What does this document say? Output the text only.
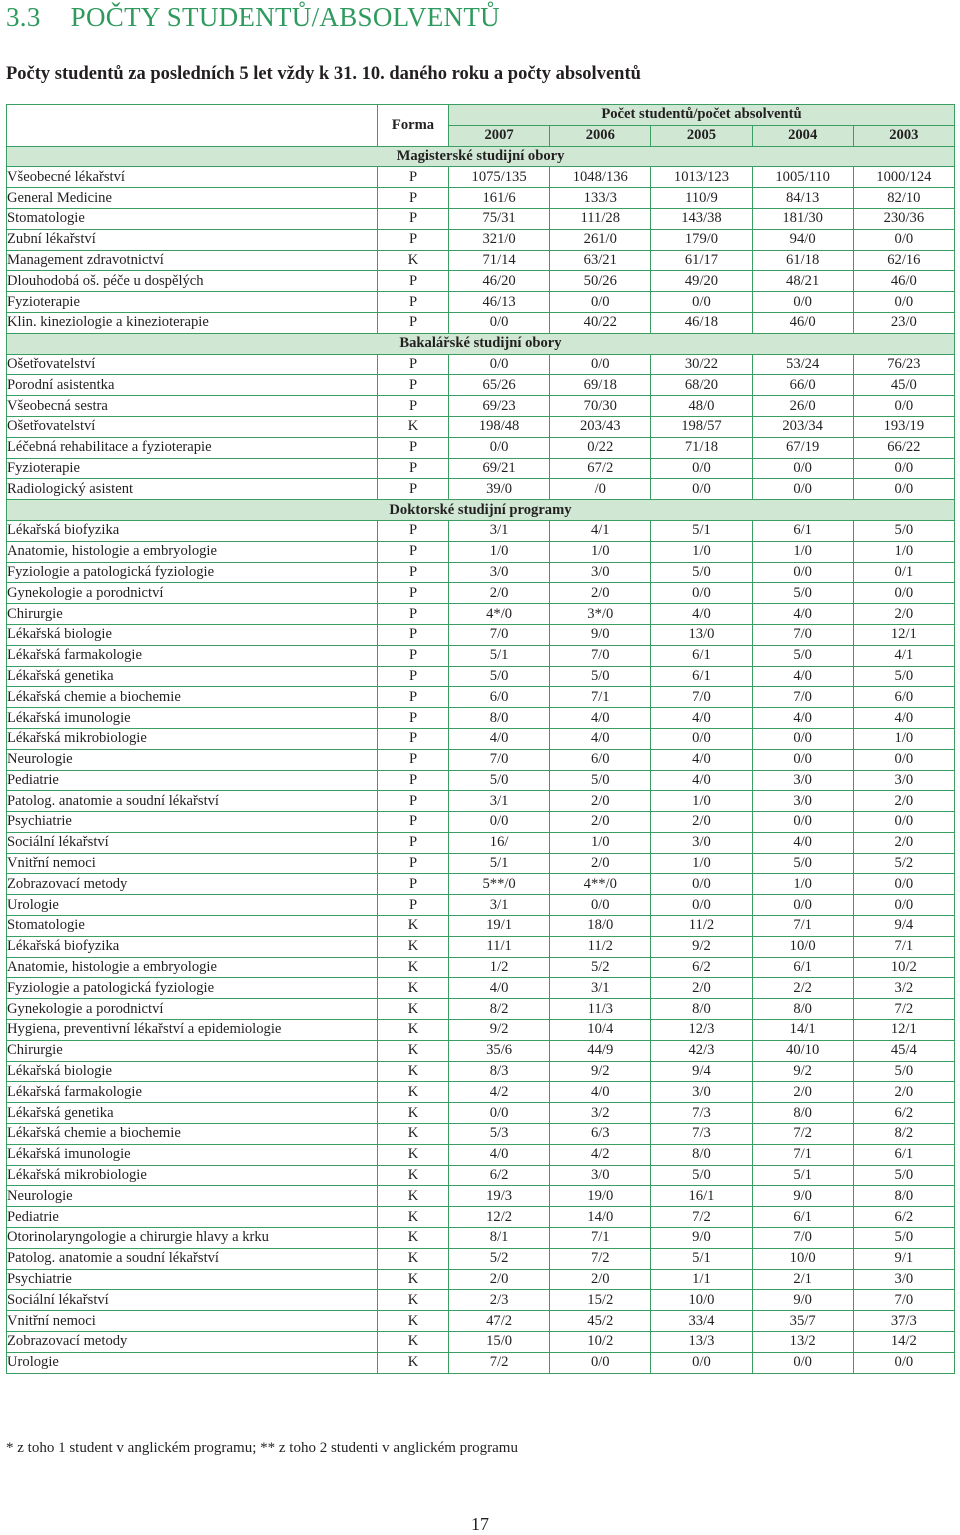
3.3 POČTY STUDENTŮ/ABSOLVENTŮ

Počty studentů za posledních 5 let vždy k 31. 10. daného roku a počty absolventů

	Forma	Počet studentů/počet absolventů				
		2007	2006	2005	2004	2003
Magisterské studijní obory						
Všeobecné lékařství	P	1075/135	1048/136	1013/123	1005/110	1000/124
General Medicine	P	161/6	133/3	110/9	84/13	82/10
Stomatologie	P	75/31	111/28	143/38	181/30	230/36
Zubní lékařství	P	321/0	261/0	179/0	94/0	0/0
Management zdravotnictví	K	71/14	63/21	61/17	61/18	62/16
Dlouhodobá oš. péče u dospělých	P	46/20	50/26	49/20	48/21	46/0
Fyzioterapie	P	46/13	0/0	0/0	0/0	0/0
Klin. kineziologie a kinezioterapie	P	0/0	40/22	46/18	46/0	23/0
Bakalářské studijní obory						
Ošetřovatelství	P	0/0	0/0	30/22	53/24	76/23
Porodní asistentka	P	65/26	69/18	68/20	66/0	45/0
Všeobecná sestra	P	69/23	70/30	48/0	26/0	0/0
Ošetřovatelství	K	198/48	203/43	198/57	203/34	193/19
Léčebná rehabilitace a fyzioterapie	P	0/0	0/22	71/18	67/19	66/22
Fyzioterapie	P	69/21	67/2	0/0	0/0	0/0
Radiologický asistent	P	39/0	/0	0/0	0/0	0/0
Doktorské studijní programy						
Lékařská biofyzika	P	3/1	4/1	5/1	6/1	5/0
Anatomie, histologie a embryologie	P	1/0	1/0	1/0	1/0	1/0
Fyziologie a patologická fyziologie	P	3/0	3/0	5/0	0/0	0/1
Gynekologie a porodnictví	P	2/0	2/0	0/0	5/0	0/0
Chirurgie	P	4*/0	3*/0	4/0	4/0	2/0
Lékařská biologie	P	7/0	9/0	13/0	7/0	12/1
Lékařská farmakologie	P	5/1	7/0	6/1	5/0	4/1
Lékařská genetika	P	5/0	5/0	6/1	4/0	5/0
Lékařská chemie a biochemie	P	6/0	7/1	7/0	7/0	6/0
Lékařská imunologie	P	8/0	4/0	4/0	4/0	4/0
Lékařská mikrobiologie	P	4/0	4/0	0/0	0/0	1/0
Neurologie	P	7/0	6/0	4/0	0/0	0/0
Pediatrie	P	5/0	5/0	4/0	3/0	3/0
Patolog. anatomie a soudní lékařství	P	3/1	2/0	1/0	3/0	2/0
Psychiatrie	P	0/0	2/0	2/0	0/0	0/0
Sociální lékařství	P	16/	1/0	3/0	4/0	2/0
Vnitřní nemoci	P	5/1	2/0	1/0	5/0	5/2
Zobrazovací metody	P	5**/0	4**/0	0/0	1/0	0/0
Urologie	P	3/1	0/0	0/0	0/0	0/0
Stomatologie	K	19/1	18/0	11/2	7/1	9/4
Lékařská biofyzika	K	11/1	11/2	9/2	10/0	7/1
Anatomie, histologie a embryologie	K	1/2	5/2	6/2	6/1	10/2
Fyziologie a patologická fyziologie	K	4/0	3/1	2/0	2/2	3/2
Gynekologie a porodnictví	K	8/2	11/3	8/0	8/0	7/2
Hygiena, preventivní lékařství a epidemiologie	K	9/2	10/4	12/3	14/1	12/1
Chirurgie	K	35/6	44/9	42/3	40/10	45/4
Lékařská biologie	K	8/3	9/2	9/4	9/2	5/0
Lékařská farmakologie	K	4/2	4/0	3/0	2/0	2/0
Lékařská genetika	K	0/0	3/2	7/3	8/0	6/2
Lékařská chemie a biochemie	K	5/3	6/3	7/3	7/2	8/2
Lékařská imunologie	K	4/0	4/2	8/0	7/1	6/1
Lékařská mikrobiologie	K	6/2	3/0	5/0	5/1	5/0
Neurologie	K	19/3	19/0	16/1	9/0	8/0
Pediatrie	K	12/2	14/0	7/2	6/1	6/2
Otorinolaryngologie a chirurgie hlavy a krku	K	8/1	7/1	9/0	7/0	5/0
Patolog. anatomie a soudní lékařství	K	5/2	7/2	5/1	10/0	9/1
Psychiatrie	K	2/0	2/0	1/1	2/1	3/0
Sociální lékařství	K	2/3	15/2	10/0	9/0	7/0
Vnitřní nemoci	K	47/2	45/2	33/4	35/7	37/3
Zobrazovací metody	K	15/0	10/2	13/3	13/2	14/2
Urologie	K	7/2	0/0	0/0	0/0	0/0

* z toho 1 student v anglickém programu; ** z toho 2 studenti v anglickém programu

17
